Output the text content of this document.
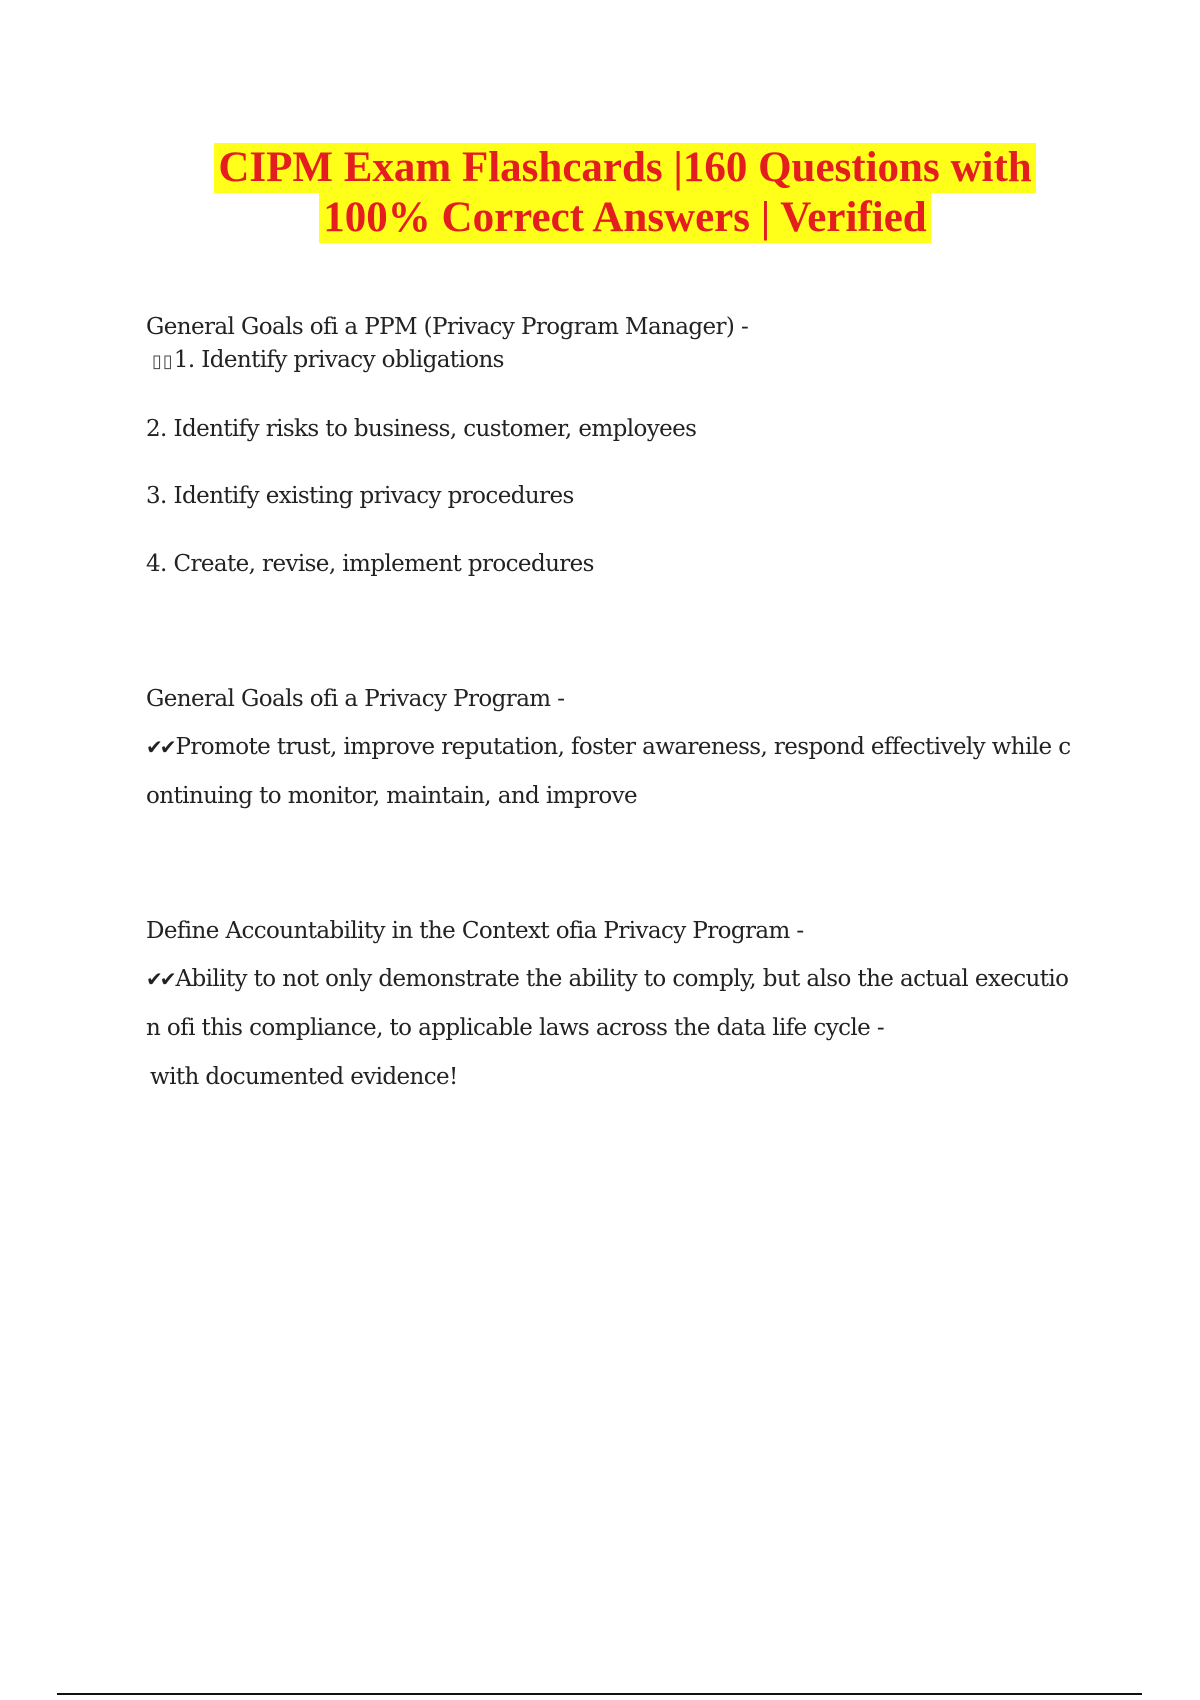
CIPM Exam Flashcards |160 Questions with
100% Correct Answers | Verified
General Goals ofi a PPM (Privacy Program Manager) -
▯▯1. Identify privacy obligations
2. Identify risks to business, customer, employees
3. Identify existing privacy procedures
4. Create, revise, implement procedures
General Goals ofi a Privacy Program -
✔✔Promote trust, improve reputation, foster awareness, respond effectively while c
ontinuing to monitor, maintain, and improve
Define Accountability in the Context ofia Privacy Program -
✔✔Ability to not only demonstrate the ability to comply, but also the actual executio
n ofi this compliance, to applicable laws across the data life cycle -
with documented evidence!
